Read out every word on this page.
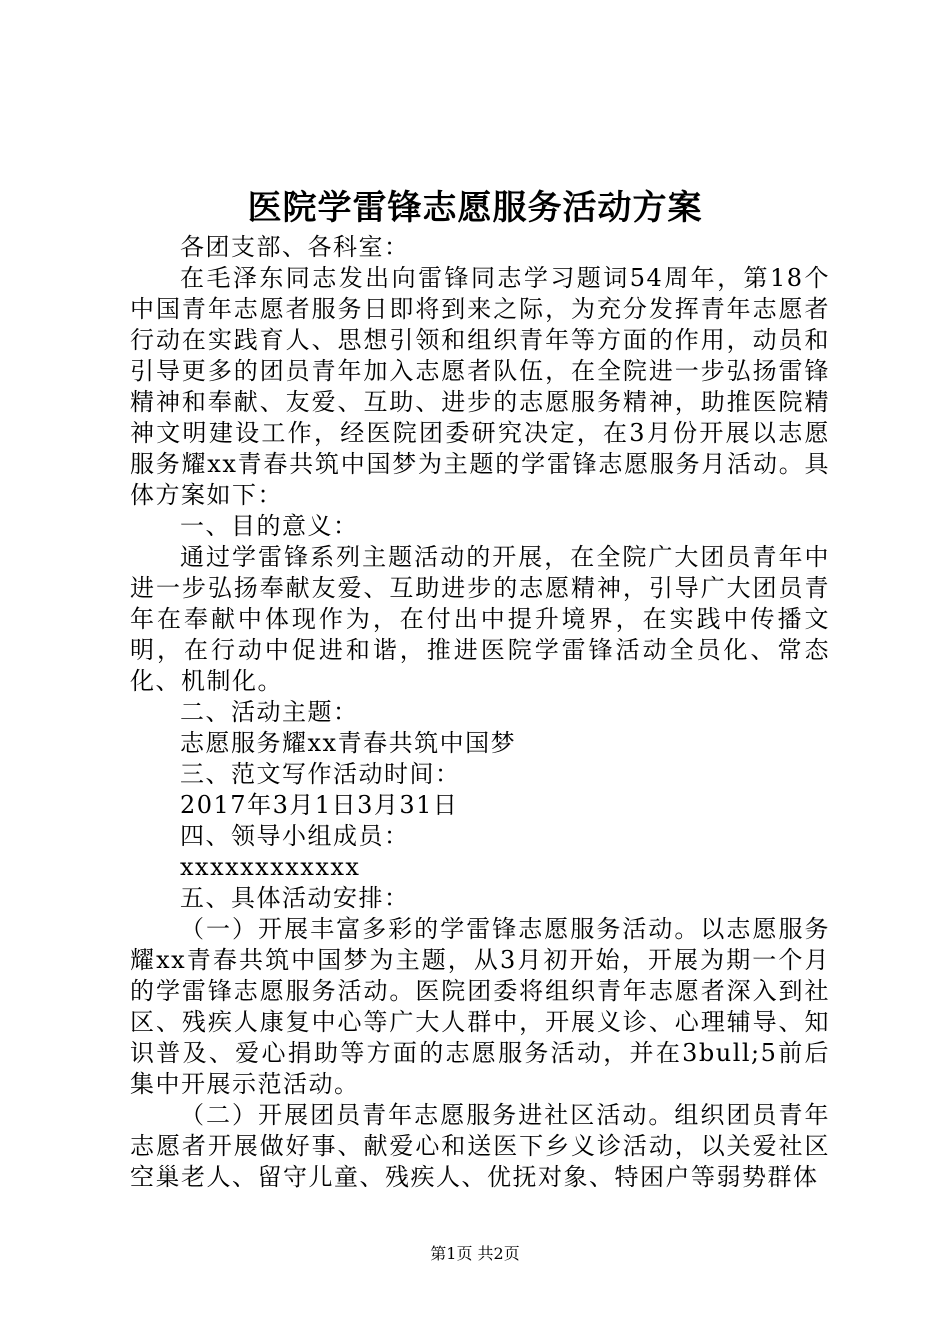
医院学雷锋志愿服务活动方案

各团支部、各科室：

在毛泽东同志发出向雷锋同志学习题词54周年，第18个中国青年志愿者服务日即将到来之际，为充分发挥青年志愿者行动在实践育人、思想引领和组织青年等方面的作用，动员和引导更多的团员青年加入志愿者队伍，在全院进一步弘扬雷锋精神和奉献、友爱、互助、进步的志愿服务精神，助推医院精神文明建设工作，经医院团委研究决定，在3月份开展以志愿服务耀xx青春共筑中国梦为主题的学雷锋志愿服务月活动。具体方案如下：

一、目的意义：

通过学雷锋系列主题活动的开展，在全院广大团员青年中进一步弘扬奉献友爱、互助进步的志愿精神，引导广大团员青年在奉献中体现作为，在付出中提升境界，在实践中传播文明，在行动中促进和谐，推进医院学雷锋活动全员化、常态化、机制化。

二、活动主题：

志愿服务耀xx青春共筑中国梦

三、范文写作活动时间：

2017年3月1日3月31日

四、领导小组成员：

xxxxxxxxxxxx

五、具体活动安排：

（一）开展丰富多彩的学雷锋志愿服务活动。以志愿服务耀xx青春共筑中国梦为主题，从3月初开始，开展为期一个月的学雷锋志愿服务活动。医院团委将组织青年志愿者深入到社区、残疾人康复中心等广大人群中，开展义诊、心理辅导、知识普及、爱心捐助等方面的志愿服务活动，并在3bull;5前后集中开展示范活动。

（二）开展团员青年志愿服务进社区活动。组织团员青年志愿者开展做好事、献爱心和送医下乡义诊活动，以关爱社区空巢老人、留守儿童、残疾人、优抚对象、特困户等弱势群体

第1页 共2页
